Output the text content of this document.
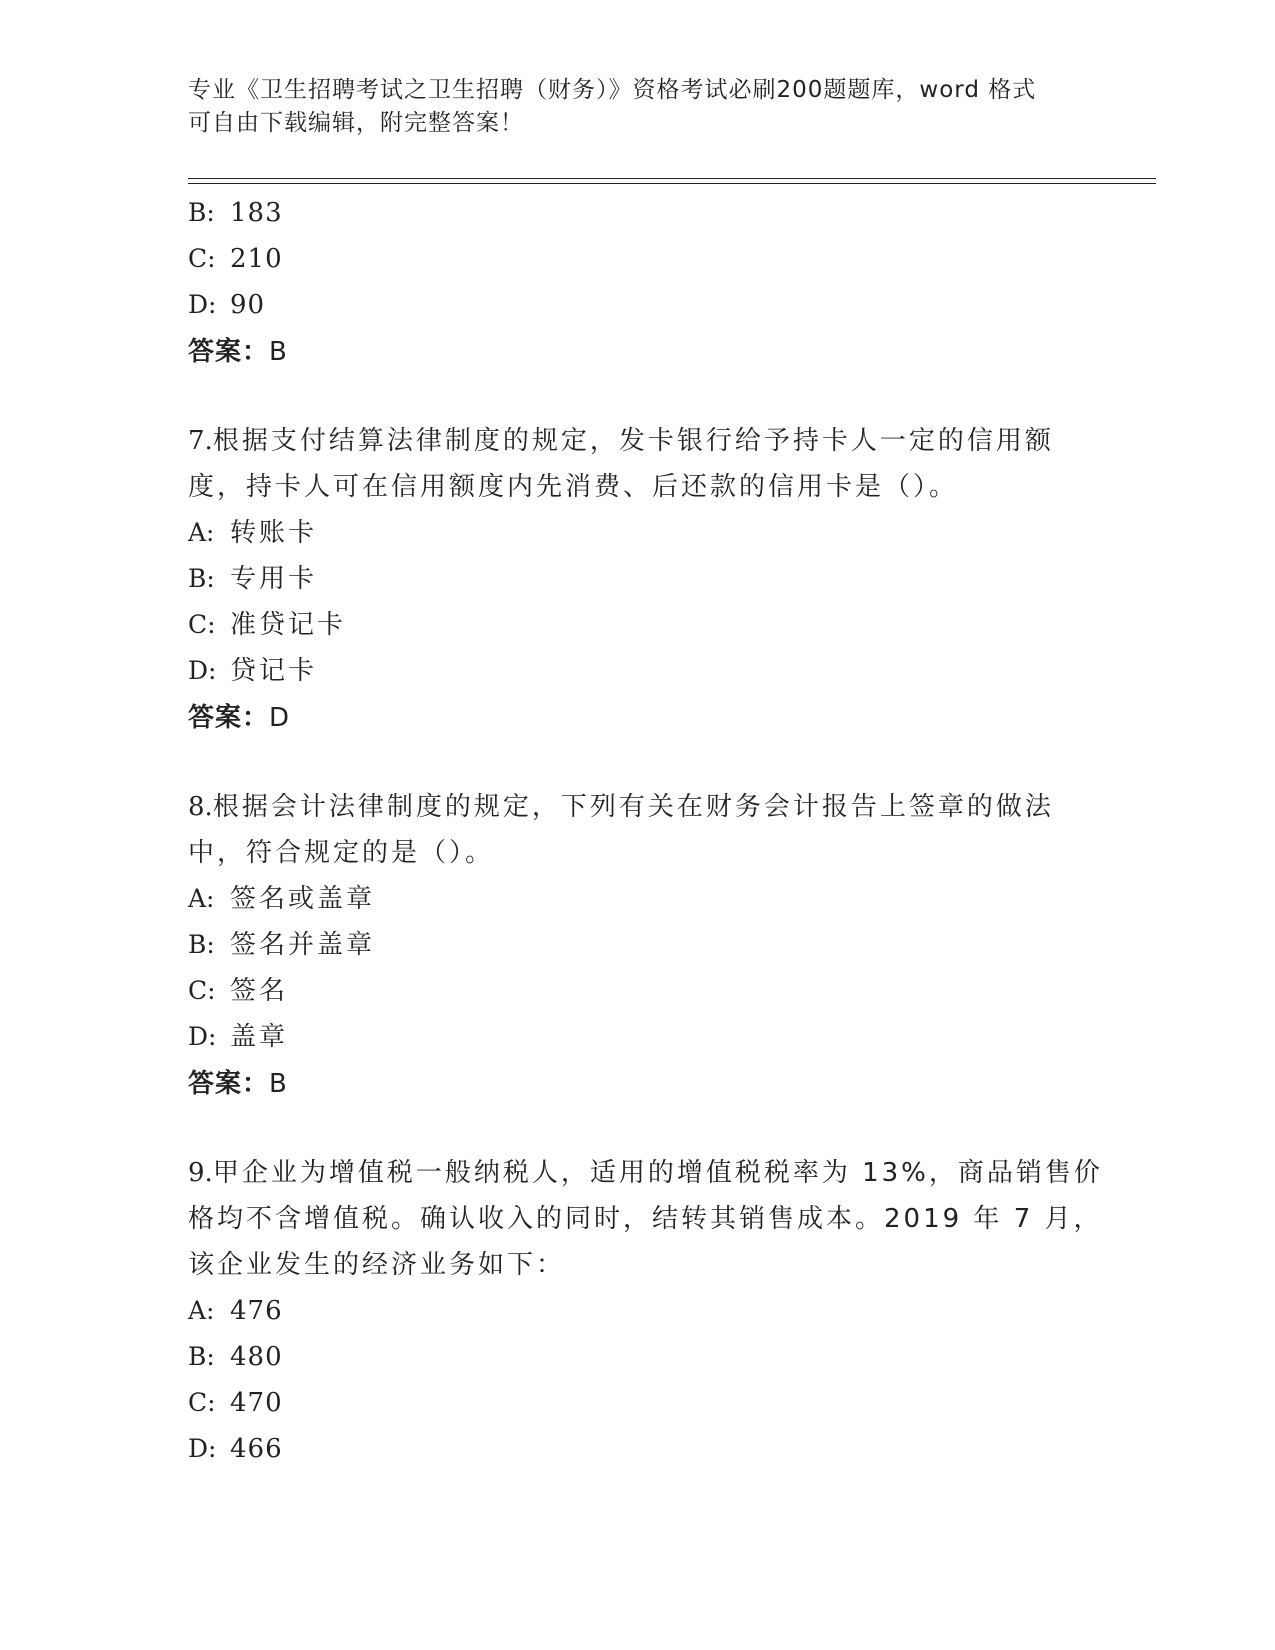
专业《卫生招聘考试之卫生招聘（财务）》资格考试必刷200题题库，word 格式
可自由下载编辑，附完整答案！
B: 183
C: 210
D: 90
答案：B
7.根据支付结算法律制度的规定，发卡银行给予持卡人一定的信用额
度，持卡人可在信用额度内先消费、后还款的信用卡是（）。
A: 转账卡
B: 专用卡
C: 准贷记卡
D: 贷记卡
答案：D
8.根据会计法律制度的规定，下列有关在财务会计报告上签章的做法
中，符合规定的是（）。
A: 签名或盖章
B: 签名并盖章
C: 签名
D: 盖章
答案：B
9.甲企业为增值税一般纳税人，适用的增值税税率为 13%，商品销售价
格均不含增值税。确认收入的同时，结转其销售成本。2019 年 7 月，
该企业发生的经济业务如下：
A: 476
B: 480
C: 470
D: 466
